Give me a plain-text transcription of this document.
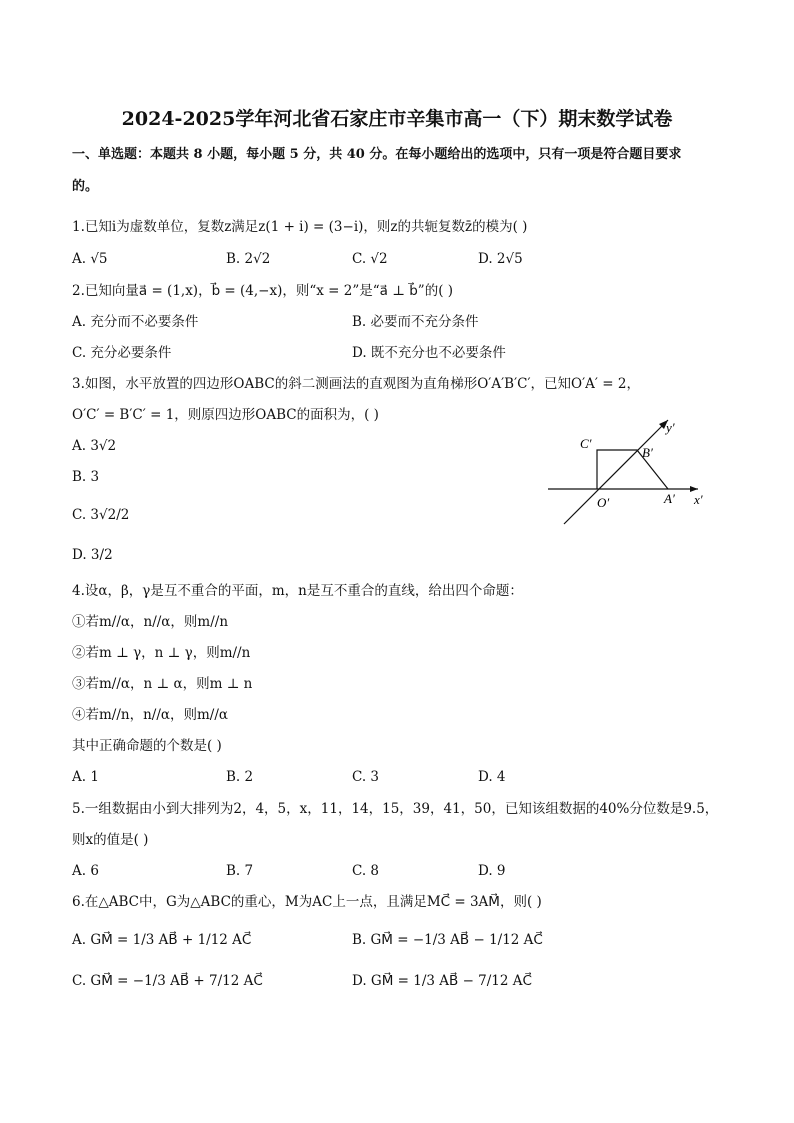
2024-2025学年河北省石家庄市辛集市高一（下）期末数学试卷
一、单选题：本题共 8 小题，每小题 5 分，共 40 分。在每小题给出的选项中，只有一项是符合题目要求
的。
1.已知i为虚数单位，复数z满足z(1 + i) = (3−i)，则z的共轭复数z̄的模为( )
A. √5	B. 2√2	C. √2	D. 2√5
2.已知向量a⃗ = (1,x)，b⃗ = (4,−x)，则“x = 2”是“a⃗ ⊥ b⃗”的( )
A. 充分而不必要条件	B. 必要而不充分条件
C. 充分必要条件	D. 既不充分也不必要条件
3.如图，水平放置的四边形OABC的斜二测画法的直观图为直角梯形O′A′B′C′，已知O′A′ = 2，
O′C′ = B′C′ = 1，则原四边形OABC的面积为，( )
A. 3√2
B. 3
C. 3√2/2
D. 3/2
C′
B′
O′	A′ x′
y′
4.设α，β，γ是互不重合的平面，m，n是互不重合的直线，给出四个命题：
①若m//α，n//α，则m//n
②若m ⊥ γ，n ⊥ γ，则m//n
③若m//α，n ⊥ α，则m ⊥ n
④若m//n，n//α，则m//α
其中正确命题的个数是( )
A. 1	B. 2	C. 3	D. 4
5.一组数据由小到大排列为2，4，5，x，11，14，15，39，41，50，已知该组数据的40%分位数是9.5，
则x的值是( )
A. 6	B. 7	C. 8	D. 9
6.在△ABC中，G为△ABC的重心，M为AC上一点，且满足MC⃗ = 3AM⃗，则( )
A. GM⃗ = 1/3 AB⃗ + 1/12 AC⃗	B. GM⃗ = −1/3 AB⃗ − 1/12 AC⃗
C. GM⃗ = −1/3 AB⃗ + 7/12 AC⃗	D. GM⃗ = 1/3 AB⃗ − 7/12 AC⃗
